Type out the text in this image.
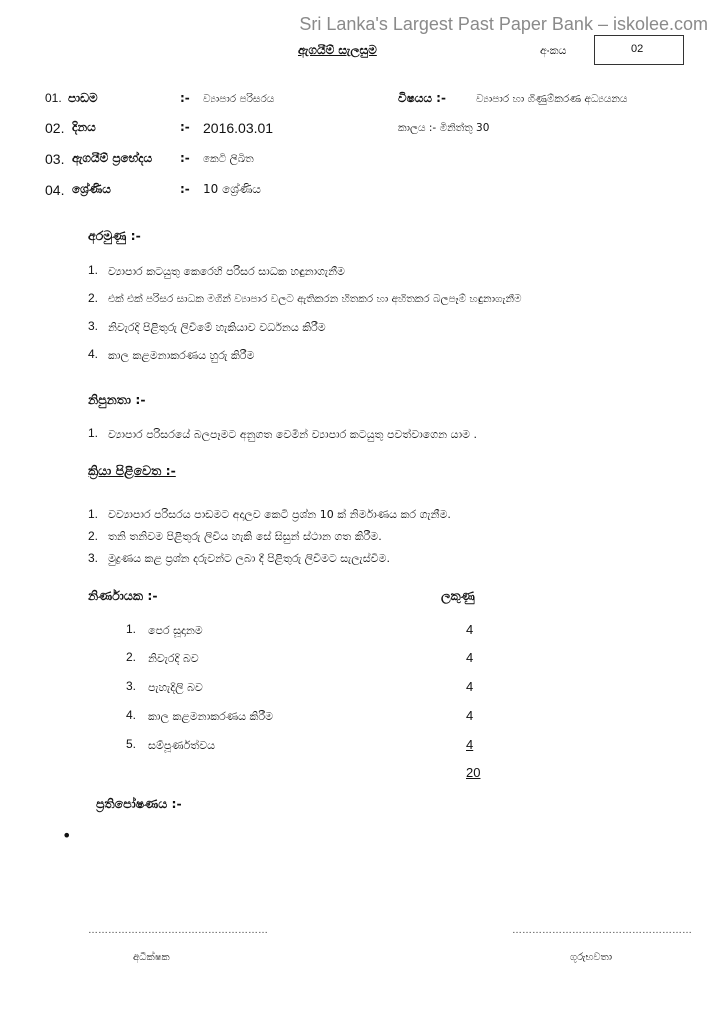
Sri Lanka's Largest Past Paper Bank – iskolee.com
ඇගයීම් සැලසුම	අංකය	02
01. පාඩම	:- ව්‍යාපාර පරිසරය	විෂයය :-	ව්‍යාපාර හා ගිණුම්කරණ අධ්‍යයනය
02. දිනය	:- 2016.03.01	කාලය :- මිනිත්තු 30
03. ඇගයීම් ප්‍රභේදය :- කෙටි ලිඛිත
04. ශ්‍රේණිය	:- 10 ශ්‍රේණිය
අරමුණු :-
1. ව්‍යාපාර කටයුතු කෙරෙහි පරිසර සාධක හඳුනාගැනීම
2. එක් එක් පරිසර සාධක මගින් ව්‍යාපාර වලට ඇතිකරන හිතකර හා අහිතකර බලපෑම් හඳුනාගැනීම
3. නිවැරදි පිළිතුරු ලිවීමේ හැකියාව වර්ධනය කිරීම
4. කාල කළමනාකරණය හුරු කිරීම
නිපුනතා :-
1. ව්‍යාපාර පරිසරයේ බලපෑමට අනුගත වෙමින් ව්‍යාපාර කටයුතු පවත්වාගෙන යාම .
ක්‍රියා පිළිවෙත :-
1. වව්‍යාපාර පරිසරය පාඩමට අදාලව කෙටි ප්‍රශ්න 10 ක් නිර්මාණය කර ගැනීම.
2. තනි තනිවම පිළිතුරු ලිවිය හැකි සේ සිසුන් ස්ථාන ගත කිරීම.
3. මුද්‍රණය කළ ප්‍රශ්න දරුවන්ට ලබා දී පිළිතුරු ලිවීමට සැලැස්වීම.
නිර්ණායක :-	ලකුණු
1. පෙර සූදානම	4
2. නිවැරදි බව	4
3. පැහැදිලි බව	4
4. කාල කළමනාකරණය කිරීම	4
5. සම්පූර්ණත්වය	4
20
ප්‍රතිපෝෂණය :-
•
………………………………………………	………………………………………………
අධීක්ෂක	ගුරුභවතා
